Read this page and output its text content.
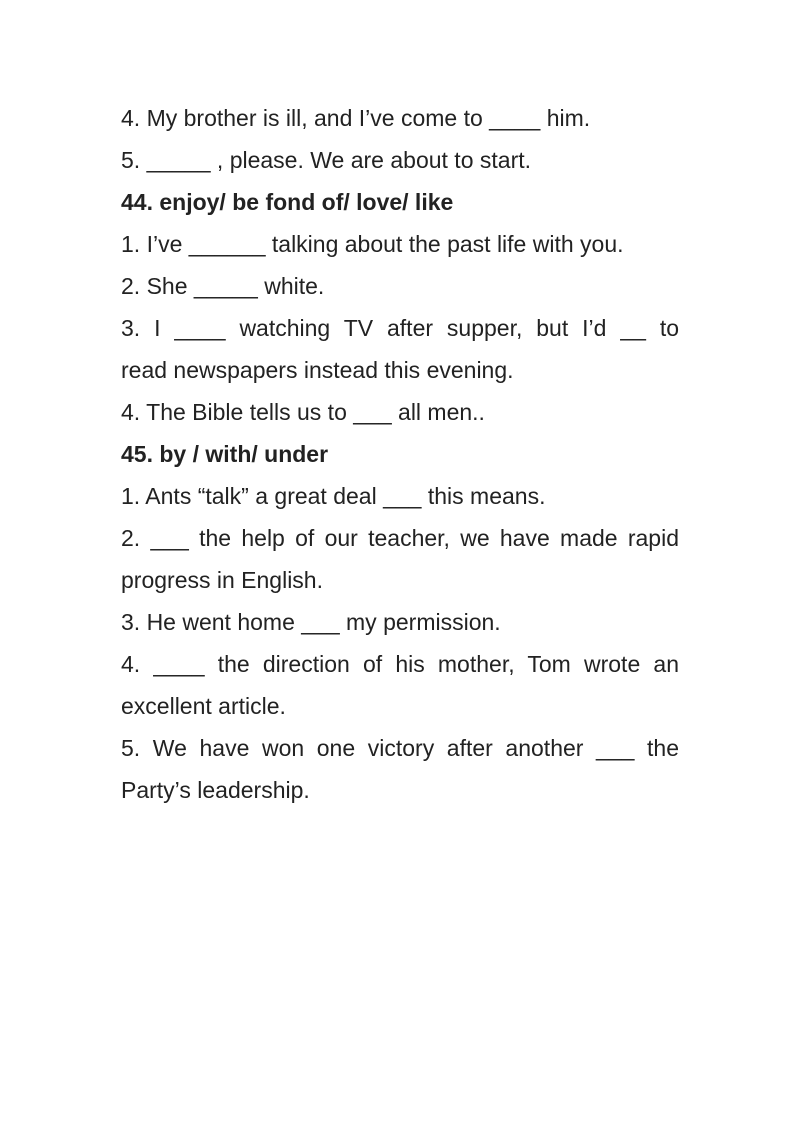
4. My brother is ill, and I’ve come to ____ him.

5. _____ , please. We are about to start.

44. enjoy/ be fond of/ love/ like

1. I’ve ______ talking about the past life with you.

2. She _____ white.

3. I ____ watching TV after supper, but I’d __ to

read newspapers instead this evening.

4. The Bible tells us to ___ all men..

45. by / with/ under

1. Ants “talk” a great deal ___ this means.

2. ___ the help of our teacher, we have made rapid

progress in English.

3. He went home ___ my permission.

4. ____ the direction of his mother, Tom wrote an

excellent article.

5. We have won one victory after another ___ the

Party’s leadership.
